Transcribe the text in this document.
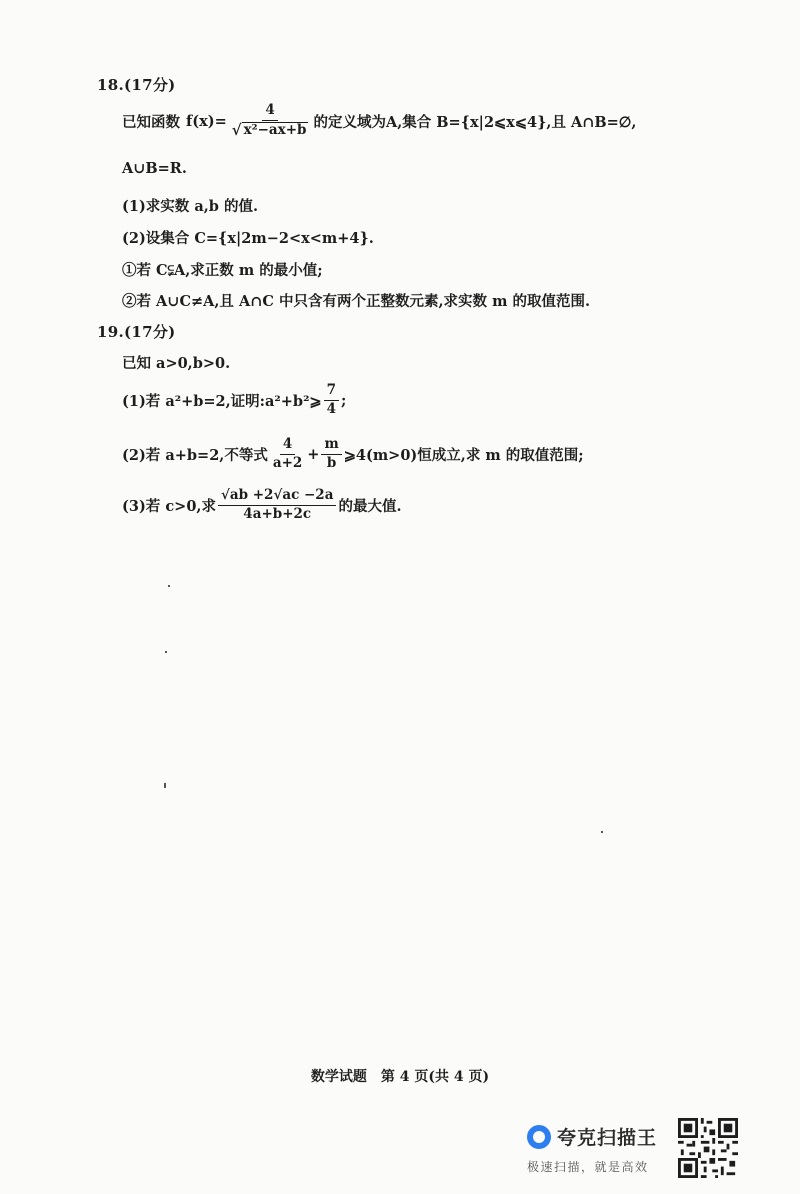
18.(17分)
已知函数 $f(x)= \frac{4}{\text{√ x²−ax+b}}$ 的定义域为A,集合 B={x|2⩽x⩽4},且 A∩B=∅,
A∪B=R.
(1)求实数 a,b 的值.
(2)设集合 C={x|2m−2<x<m+4}.
①若 C⫋A,求正数 m 的最小值;
②若 A∪C≠A,且 A∩C 中只含有两个正整数元素,求实数 m 的取值范围.
19.(17分)
已知 a>0,b>0.
(1)若 a²+b=2,证明:a²+b²⩾ $\frac{7}{4}$ ;
(2)若 a+b=2,不等式 $\frac{4}{a+2} + \frac{m}{b}$ ⩾4(m>0)恒成立,求 m 的取值范围;
(3)若 c>0,求 $\frac{√ab +2√ac -2a}{4a+b+2c}$ 的最大值.
数学试题　第 4 页(共 4 页)
夸克扫描王
极速扫描，就是高效
